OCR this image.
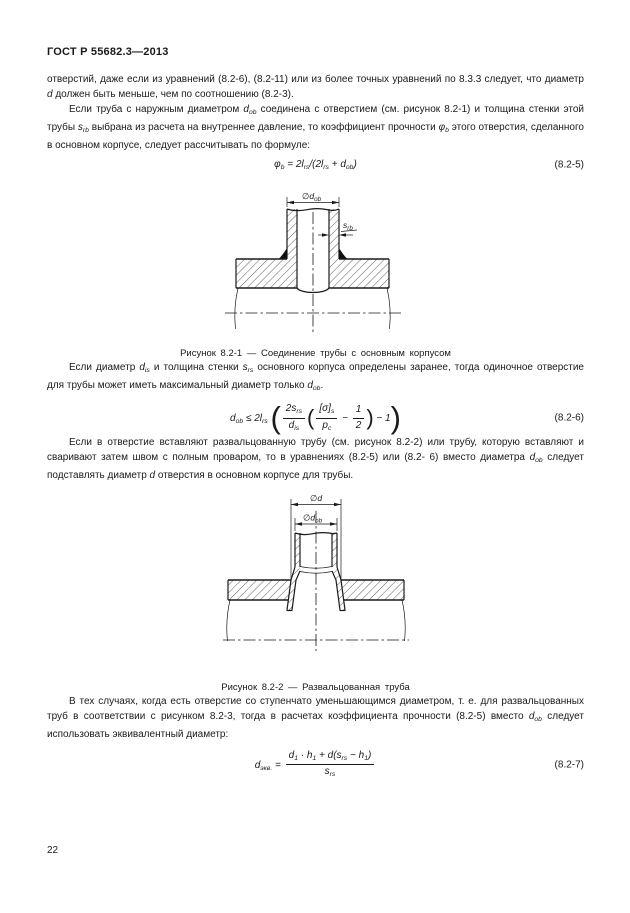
ГОСТ Р 55682.3—2013

отверстий, даже если из уравнений (8.2-6), (8.2-11) или из более точных уравнений по 8.3.3 следует, что диаметр d должен быть меньше, чем по соотношению (8.2-3).

Если труба с наружным диаметром dob соединена с отверстием (см. рисунок 8.2-1) и толщина стенки этой трубы srb выбрана из расчета на внутреннее давление, то коэффициент прочности φb этого отверстия, сделанного в основном корпусе, следует рассчитывать по формуле:

φb = 2lrs/(2lrs + dob)	(8.2-5)
$\emptyset d_{ob}$
$s_{rb}$
Рисунок 8.2-1 — Соединение трубы с основным корпусом

Если диаметр dis и толщина стенки srs основного корпуса определены заранее, тогда одиночное отверстие для трубы может иметь максимальный диаметр только dob.

dob ≤ 2lrs ( $\frac{\text{2srs}}{\text{dis}}$ ( $\frac{[\sigma]s}{pc} - \frac{1}{2}$ ) − 1)	(8.2-6)

Если в отверстие вставляют развальцованную трубу (см. рисунок 8.2-2) или трубу, которую вставляют и сваривают затем швом с полным проваром, то в уравнениях (8.2-5) или (8.2- 6) вместо диаметра dob следует подставлять диаметр d отверстия в основном корпусе для трубы.

∅d
$\emptyset d_{ob}$
Рисунок 8.2-2 — Развальцованная труба

В тех случаях, когда есть отверстие со ступенчато уменьшающимся диаметром, т. е. для развальцованных труб в соответствии с рисунком 8.2-3, тогда в расчетах коэффициента прочности (8.2-5) вместо dob следует использовать эквивалентный диаметр:

dэкв. = $\frac{\text{d1 · h1 + d(srs − h1)}}{\text{srs}}$	(8.2-7)
22
